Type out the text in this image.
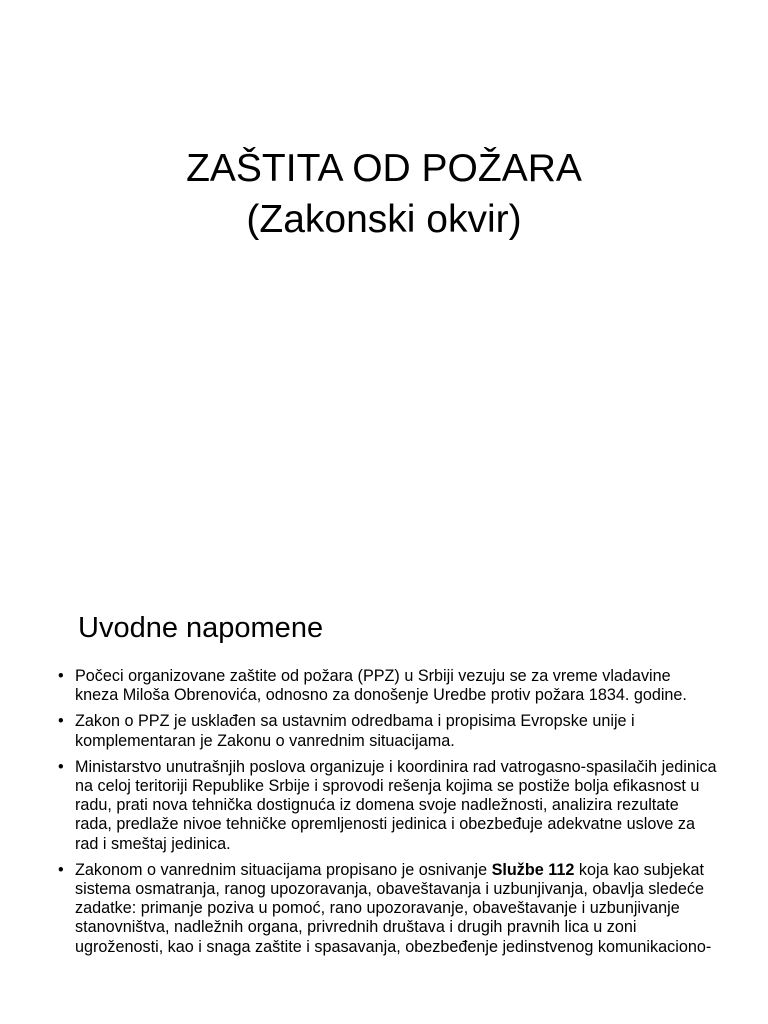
ZAŠTITA OD POŽARA
(Zakonski okvir)
Uvodne napomene
• Počeci organizovane zaštite od požara (PPZ) u Srbiji vezuju se za vreme vladavine kneza Miloša Obrenovića, odnosno za donošenje Uredbe protiv požara 1834. godine.
• Zakon o PPZ je usklađen sa ustavnim odredbama i propisima Evropske unije i komplementaran je Zakonu o vanrednim situacijama.
• Ministarstvo unutrašnjih poslova organizuje i koordinira rad vatrogasno-spasilačih jedinica na celoj teritoriji Republike Srbije i sprovodi rešenja kojima se postiže bolja efikasnost u radu, prati nova tehnička dostignuća iz domena svoje nadležnosti, analizira rezultate rada, predlaže nivoe tehničke opremljenosti jedinica i obezbeđuje adekvatne uslove za rad i smeštaj jedinica.
• Zakonom o vanrednim situacijama propisano je osnivanje Službe 112 koja kao subjekat sistema osmatranja, ranog upozoravanja, obaveštavanja i uzbunjivanja, obavlja sledeće zadatke: primanje poziva u pomoć, rano upozoravanje, obaveštavanje i uzbunjivanje stanovništva, nadležnih organa, privrednih društava i drugih pravnih lica u zoni ugroženosti, kao i snaga zaštite i spasavanja, obezbeđenje jedinstvenog komunikaciono-
